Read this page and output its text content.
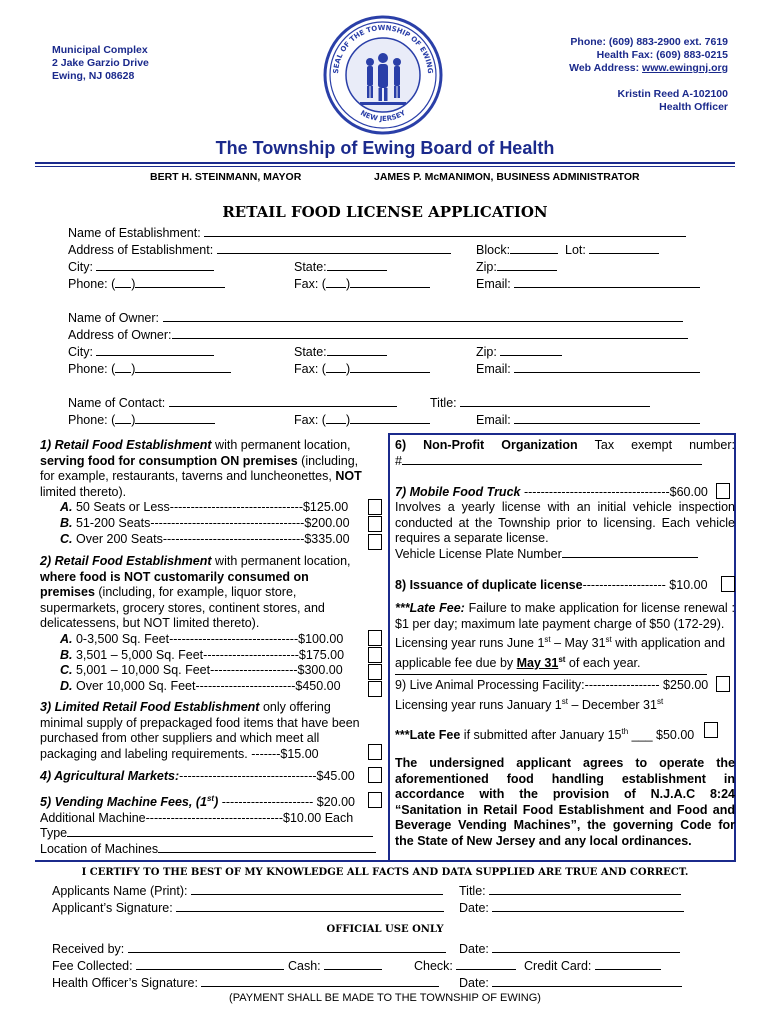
Municipal Complex
2 Jake Garzio Drive
Ewing, NJ 08628	SEAL OF THE TOWNSHIP OF EWING
NEW JERSEY
Phone: (609) 883-2900 ext. 7619
Health Fax: (609) 883-0215
Web Address: www.ewingnj.org
Kristin Reed A-102100
Health Officer
The Township of Ewing Board of Health
BERT H. STEINMANN, MAYOR	JAMES P. McMANIMON, BUSINESS ADMINISTRATOR
RETAIL FOOD LICENSE APPLICATION
Name of Establishment:
Address of Establishment:	Block:	Lot:
City:	State:	Zip:
Phone: ( )	Fax: ( )	Email:
Name of Owner:
Address of Owner:
City:	State:	Zip:
Phone: ( )	Fax: ( )	Email:
Name of Contact:	Title:
Phone: ( )	Fax: ( )	Email:

1) Retail Food Establishment with permanent location,

serving food for consumption ON premises (including,

for example, restaurants, taverns and luncheonettes, NOT

limited thereto).

A. 50 Seats or Less--------------------------------$125.00

B. 51-200 Seats-------------------------------------$200.00

C. Over 200 Seats----------------------------------$335.00

2) Retail Food Establishment with permanent location,

where food is NOT customarily consumed on

premises (including, for example, liquor store,

supermarkets, grocery stores, continent stores, and

delicatessens, but NOT limited thereto).

A. 0-3,500 Sq. Feet-------------------------------$100.00

B. 3,501 – 5,000 Sq. Feet-----------------------$175.00

C. 5,001 – 10,000 Sq. Feet---------------------$300.00

D. Over 10,000 Sq. Feet------------------------$450.00

3) Limited Retail Food Establishment only offering

minimal supply of prepackaged food items that have been

purchased from other suppliers and which meet all

packaging and labeling requirements. -------$15.00

4) Agricultural Markets:---------------------------------$45.00

5) Vending Machine Fees, (1st) ---------------------- $20.00

Additional Machine---------------------------------$10.00 Each

Type

Location of Machines

6) Non-Profit Organization Tax exempt number:

#

7) Mobile Food Truck -----------------------------------$60.00

Involves a yearly license with an initial vehicle inspection conducted at the Township prior to licensing. Each vehicle requires a separate license.
Vehicle License Plate Number

8) Issuance of duplicate license-------------------- $10.00

***Late Fee: Failure to make application for license renewal : $1 per day; maximum late payment charge of $50 (172-29).

Licensing year runs June 1st – May 31st with application and

applicable fee due by May 31st of each year.

9) Live Animal Processing Facility:------------------ $250.00

Licensing year runs January 1st – December 31st

***Late Fee if submitted after January 15th ___ $50.00

The undersigned applicant agrees to operate the aforementioned food handling establishment in accordance with the provision of N.J.A.C 8:24 “Sanitation in Retail Food Establishment and Food and Beverage Vending Machines”, the governing Code for the State of New Jersey and any local ordinances.
I CERTIFY TO THE BEST OF MY KNOWLEDGE ALL FACTS AND DATA SUPPLIED ARE TRUE AND CORRECT.
Applicants Name (Print):	Title:
Applicant’s Signature:	Date:
OFFICIAL USE ONLY
Received by:	Date:
Fee Collected:	Cash:	Check:	Credit Card:
Health Officer’s Signature:	Date:
(PAYMENT SHALL BE MADE TO THE TOWNSHIP OF EWING)
